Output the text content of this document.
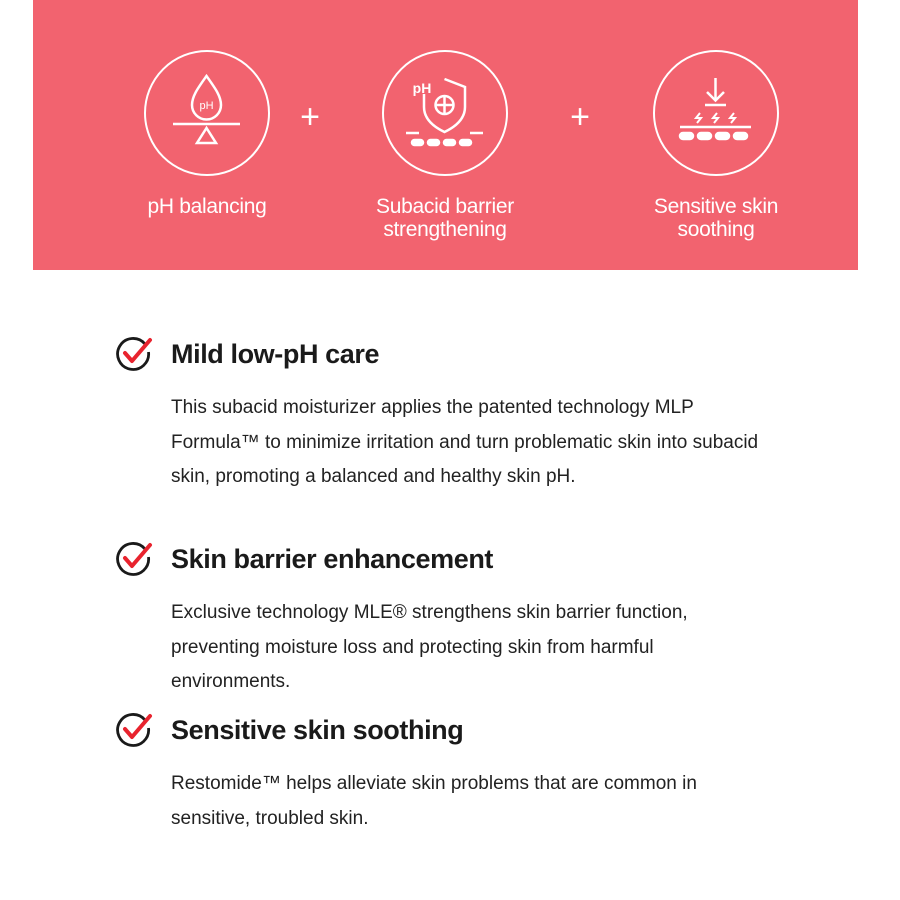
pH
pH balancing
+
pH
Subacid barrier strengthening
+
Sensitive skin soothing
Mild low-pH care
This subacid moisturizer applies the patented technology MLP Formula™ to minimize irritation and turn problematic skin into subacid skin, promoting a balanced and healthy skin pH.
Skin barrier enhancement
Exclusive technology MLE® strengthens skin barrier function, preventing moisture loss and protecting skin from harmful environments.
Sensitive skin soothing
Restomide™ helps alleviate skin problems that are common in sensitive, troubled skin.
